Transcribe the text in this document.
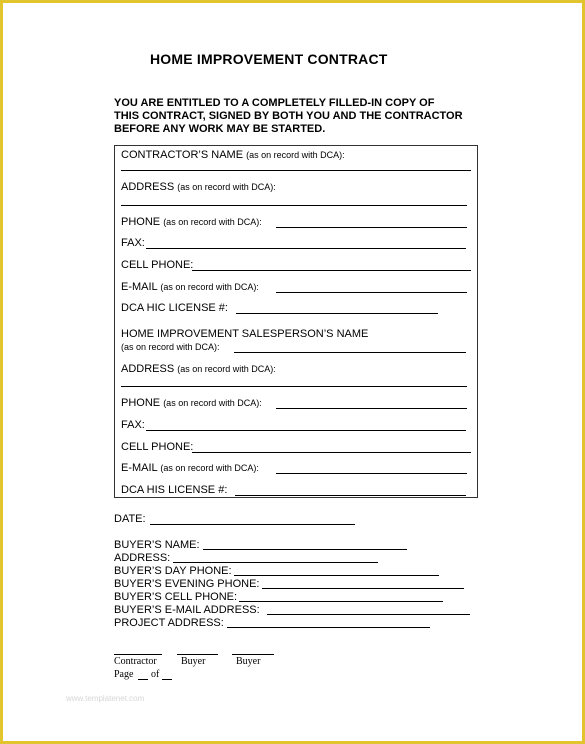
HOME IMPROVEMENT CONTRACT
YOU ARE ENTITLED TO A COMPLETELY FILLED-IN COPY OF
THIS CONTRACT, SIGNED BY BOTH YOU AND THE CONTRACTOR
BEFORE ANY WORK MAY BE STARTED.
CONTRACTOR’S NAME (as on record with DCA):
ADDRESS (as on record with DCA):
PHONE (as on record with DCA):
FAX:
CELL PHONE:
E-MAIL (as on record with DCA):
DCA HIC LICENSE #:
HOME IMPROVEMENT SALESPERSON’S NAME
(as on record with DCA):
ADDRESS (as on record with DCA):
PHONE (as on record with DCA):
FAX:
CELL PHONE:
E-MAIL (as on record with DCA):
DCA HIS LICENSE #:
DATE:
BUYER’S NAME:
ADDRESS:
BUYER’S DAY PHONE:
BUYER’S EVENING PHONE:
BUYER’S CELL PHONE:
BUYER’S E-MAIL ADDRESS:
PROJECT ADDRESS:
Contractor Buyer	Buyer
Page of
www.templatenet.com
